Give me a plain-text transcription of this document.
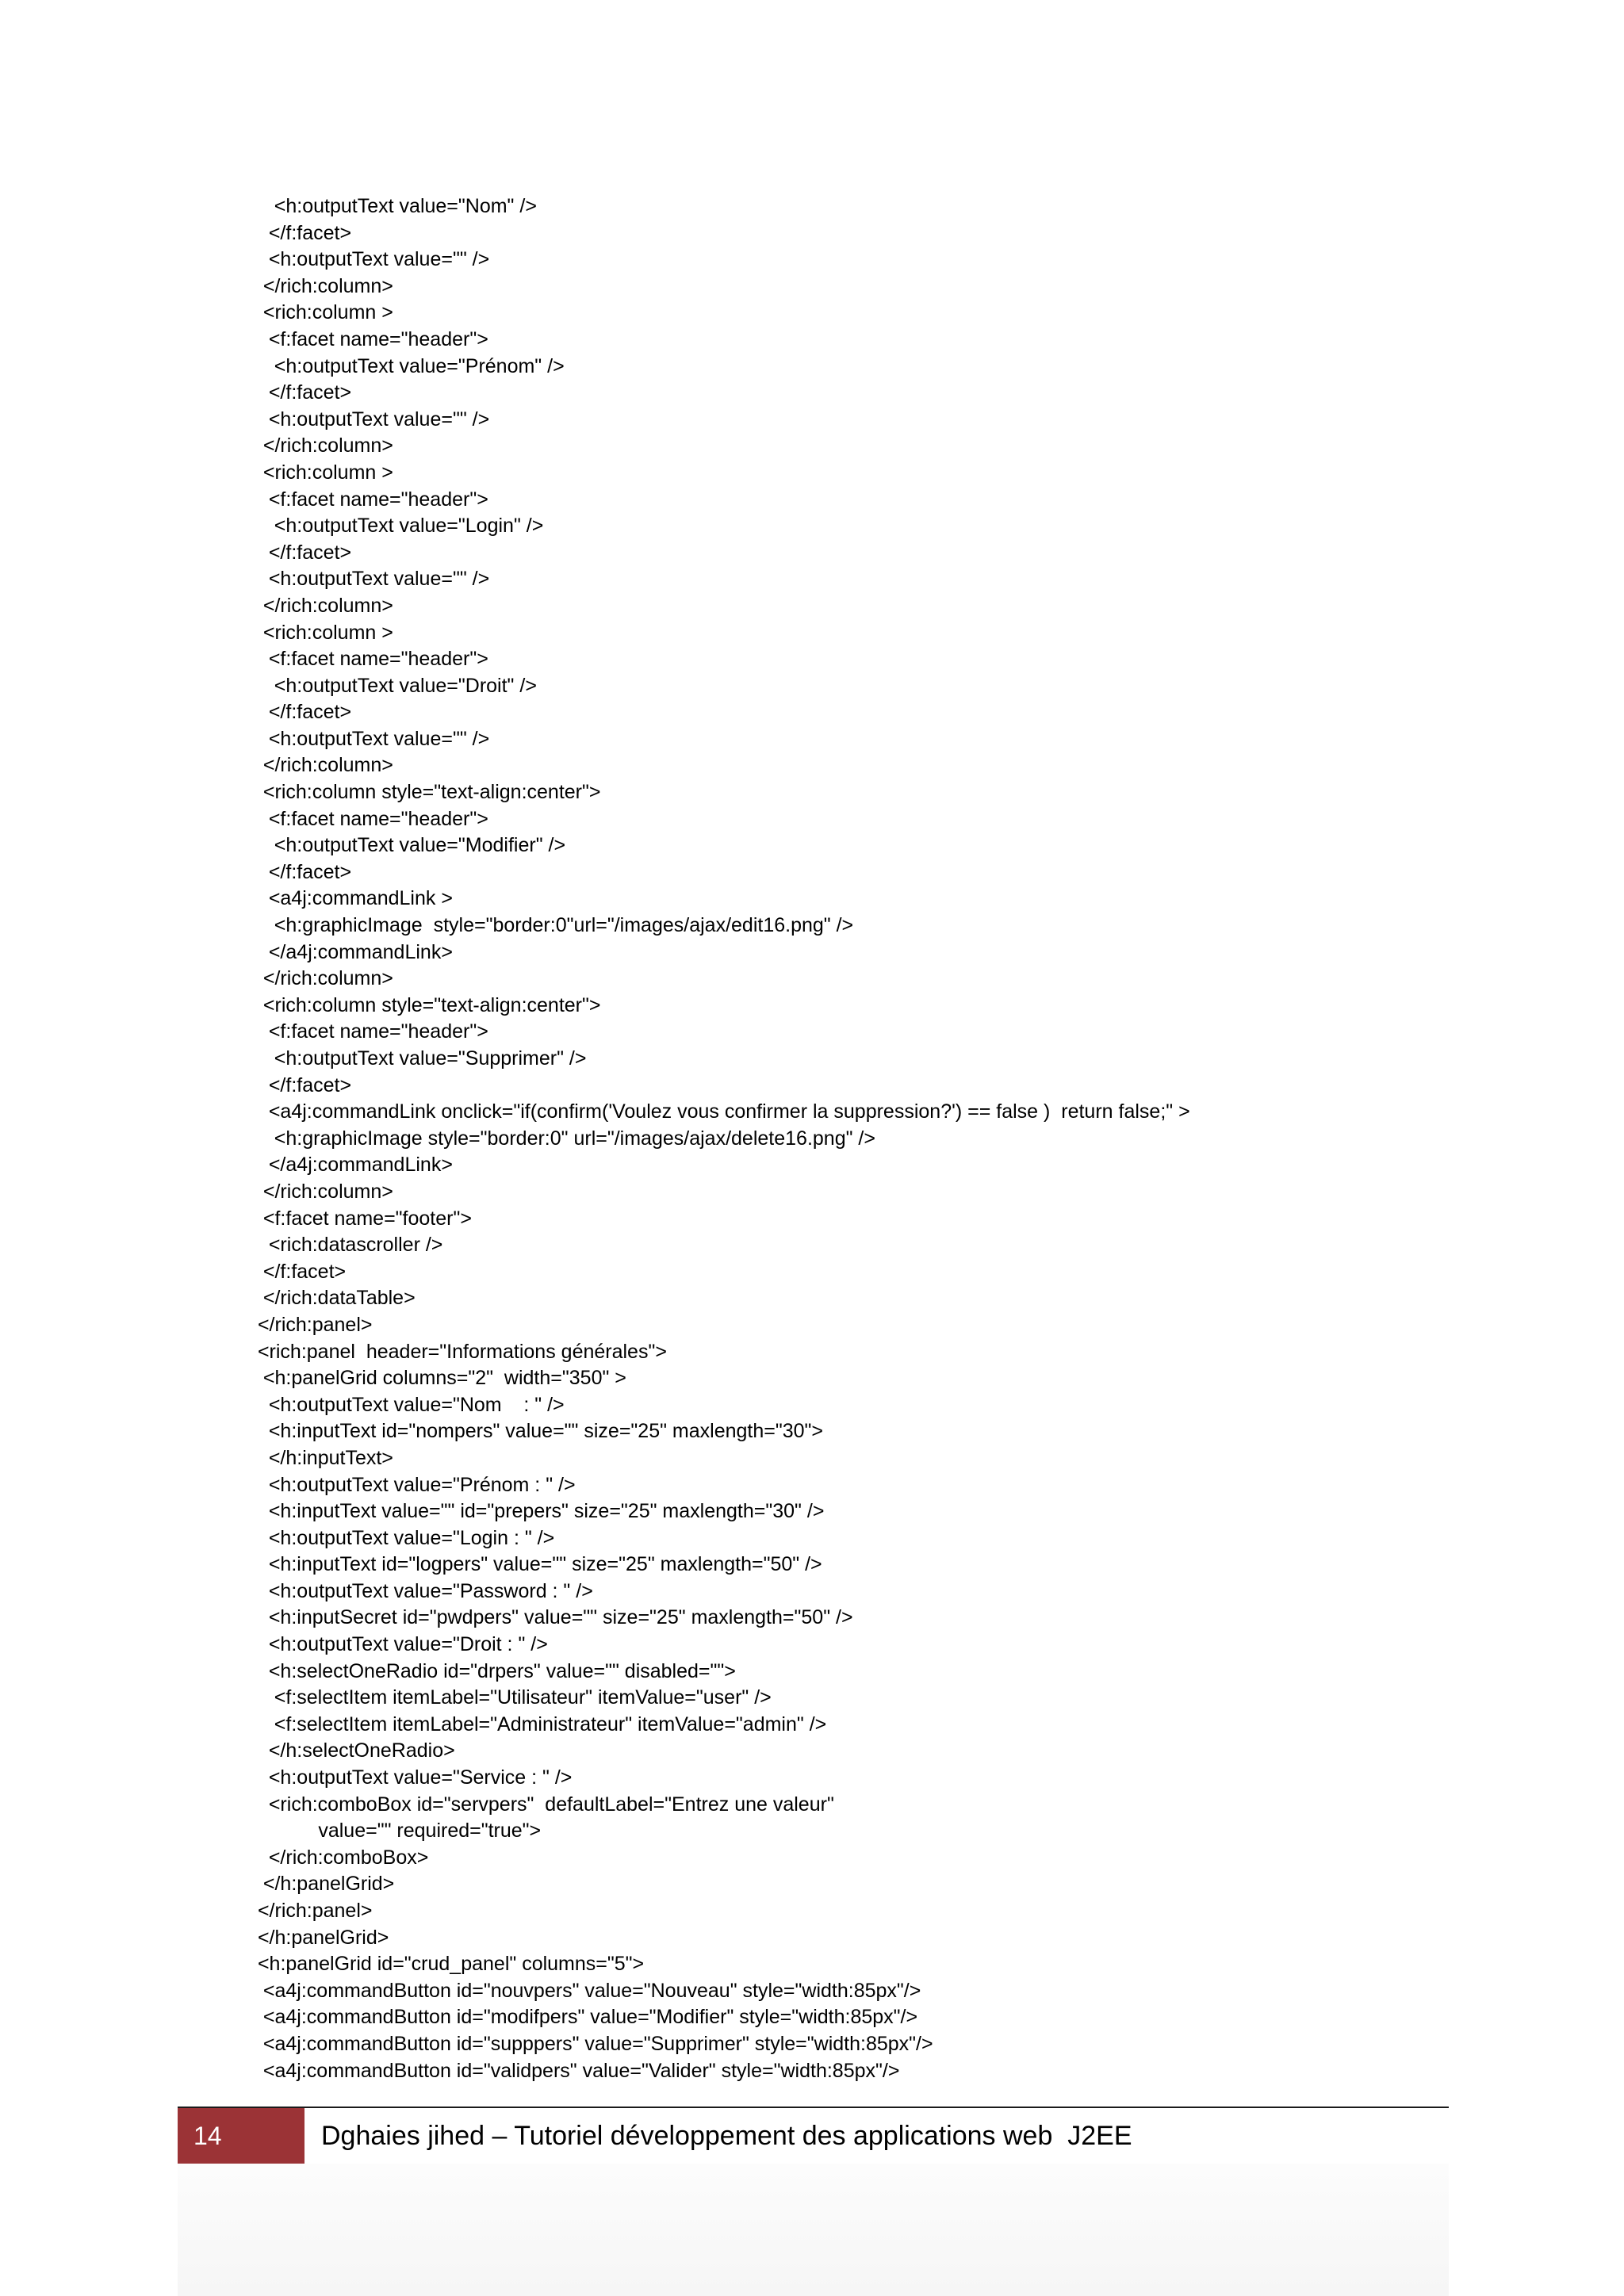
<h:outputText value="Nom" />
</f:facet>
<h:outputText value="" />
</rich:column>
<rich:column >
<f:facet name="header">
<h:outputText value="Prénom" />
</f:facet>
<h:outputText value="" />
</rich:column>
<rich:column >
<f:facet name="header">
<h:outputText value="Login" />
</f:facet>
<h:outputText value="" />
</rich:column>
<rich:column >
<f:facet name="header">
<h:outputText value="Droit" />
</f:facet>
<h:outputText value="" />
</rich:column>
<rich:column style="text-align:center">
<f:facet name="header">
<h:outputText value="Modifier" />
</f:facet>
<a4j:commandLink >
<h:graphicImage  style="border:0"url="/images/ajax/edit16.png" />
</a4j:commandLink>
</rich:column>
<rich:column style="text-align:center">
<f:facet name="header">
<h:outputText value="Supprimer" />
</f:facet>
<a4j:commandLink onclick="if(confirm('Voulez vous confirmer la suppression?') == false )  return false;" >
<h:graphicImage style="border:0" url="/images/ajax/delete16.png" />
</a4j:commandLink>
</rich:column>
<f:facet name="footer">
<rich:datascroller />
</f:facet>
</rich:dataTable>
</rich:panel>
<rich:panel  header="Informations générales">
<h:panelGrid columns="2"  width="350" >
<h:outputText value="Nom    : " />
<h:inputText id="nompers" value="" size="25" maxlength="30">
</h:inputText>
<h:outputText value="Prénom : " />
<h:inputText value="" id="prepers" size="25" maxlength="30" />
<h:outputText value="Login : " />
<h:inputText id="logpers" value="" size="25" maxlength="50" />
<h:outputText value="Password : " />
<h:inputSecret id="pwdpers" value="" size="25" maxlength="50" />
<h:outputText value="Droit : " />
<h:selectOneRadio id="drpers" value="" disabled="">
<f:selectItem itemLabel="Utilisateur" itemValue="user" />
<f:selectItem itemLabel="Administrateur" itemValue="admin" />
</h:selectOneRadio>
<h:outputText value="Service : " />
<rich:comboBox id="servpers"  defaultLabel="Entrez une valeur"
value="" required="true">
</rich:comboBox>
</h:panelGrid>
</rich:panel>
</h:panelGrid>
<h:panelGrid id="crud_panel" columns="5">
<a4j:commandButton id="nouvpers" value="Nouveau" style="width:85px"/>
<a4j:commandButton id="modifpers" value="Modifier" style="width:85px"/>
<a4j:commandButton id="supppers" value="Supprimer" style="width:85px"/>
<a4j:commandButton id="validpers" value="Valider" style="width:85px"/>
14	Dghaies jihed – Tutoriel développement des applications web  J2EE
